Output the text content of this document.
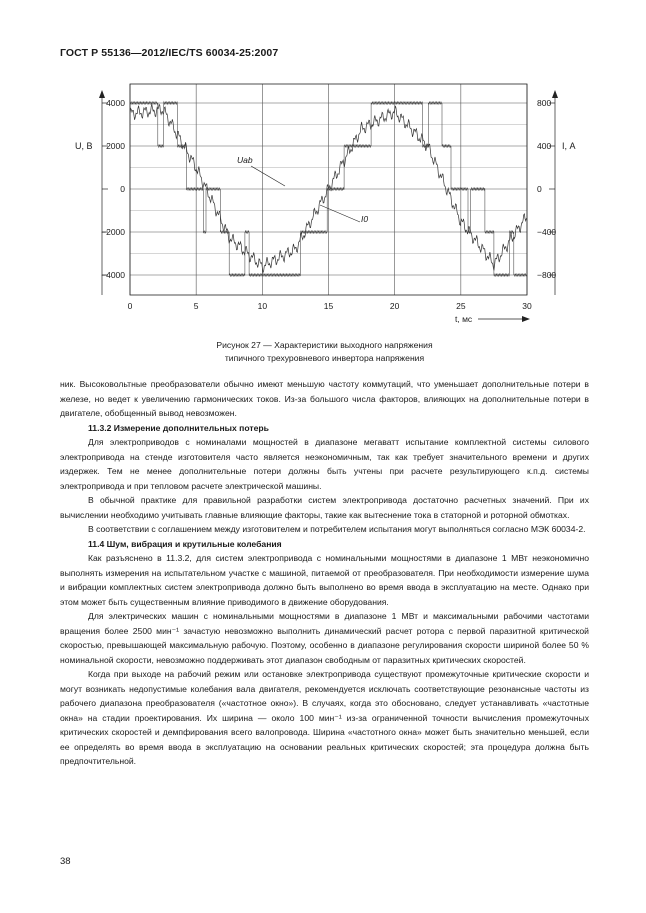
ГОСТ Р 55136—2012/IEC/TS 60034-25:2007
4000
2000
0
−2000
−4000
800
400
0
−400
−800
0	5	10	15	20	25	30
U, В	I, А
t, мс
Uab
I0
Рисунок 27 — Характеристики выходного напряжения
типичного трехуровневого инвертора напряжения

ник. Высоковольтные преобразователи обычно имеют меньшую частоту коммутаций, что уменьшает дополнительные потери в железе, но ведет к увеличению гармонических токов. Из-за большого числа факторов, влияющих на дополнительные потери в двигателе, обобщенный вывод невозможен.

11.3.2 Измерение дополнительных потерь

Для электроприводов с номиналами мощностей в диапазоне мегаватт испытание комплектной системы силового электропривода на стенде изготовителя часто является неэкономичным, так как требует значительного времени и других издержек. Тем не менее дополнительные потери должны быть учтены при расчете результирующего к.п.д. системы электропривода и при тепловом расчете электрической машины.

В обычной практике для правильной разработки систем электропривода достаточно расчетных значений. При их вычислении необходимо учитывать главные влияющие факторы, такие как вытеснение тока в статорной и роторной обмотках.

В соответствии с соглашением между изготовителем и потребителем испытания могут выполняться согласно МЭК 60034-2.

11.4 Шум, вибрация и крутильные колебания

Как разъяснено в 11.3.2, для систем электропривода с номинальными мощностями в диапазоне 1 МВт неэкономично выполнять измерения на испытательном участке с машиной, питаемой от преобразователя. При необходимости измерение шума и вибрации комплектных систем электропривода должно быть выполнено во время ввода в эксплуатацию на месте. Однако при этом может быть существенным влияние приводимого в движение оборудования.

Для электрических машин с номинальными мощностями в диапазоне 1 МВт и максимальными рабочими частотами вращения более 2500 мин⁻¹ зачастую невозможно выполнить динамический расчет ротора с первой паразитной критической скоростью, превышающей максимальную рабочую. Поэтому, особенно в диапазоне регулирования скорости шириной более 50 % номинальной скорости, невозможно поддерживать этот диапазон свободным от паразитных критических скоростей.

Когда при выходе на рабочий режим или остановке электропривода существуют промежуточные критические скорости и могут возникать недопустимые колебания вала двигателя, рекомендуется исключать соответствующие резонансные частоты из рабочего диапазона преобразователя («частотное окно»). В случаях, когда это обосновано, следует устанавливать «частотные окна» на стадии проектирования. Их ширина — около 100 мин⁻¹ из-за ограниченной точности вычисления промежуточных критических скоростей и демпфирования всего валопровода. Ширина «частотного окна» может быть значительно меньшей, если ее определять во время ввода в эксплуатацию на основании реальных критических скоростей; эта процедура должна быть предпочтительной.

38
